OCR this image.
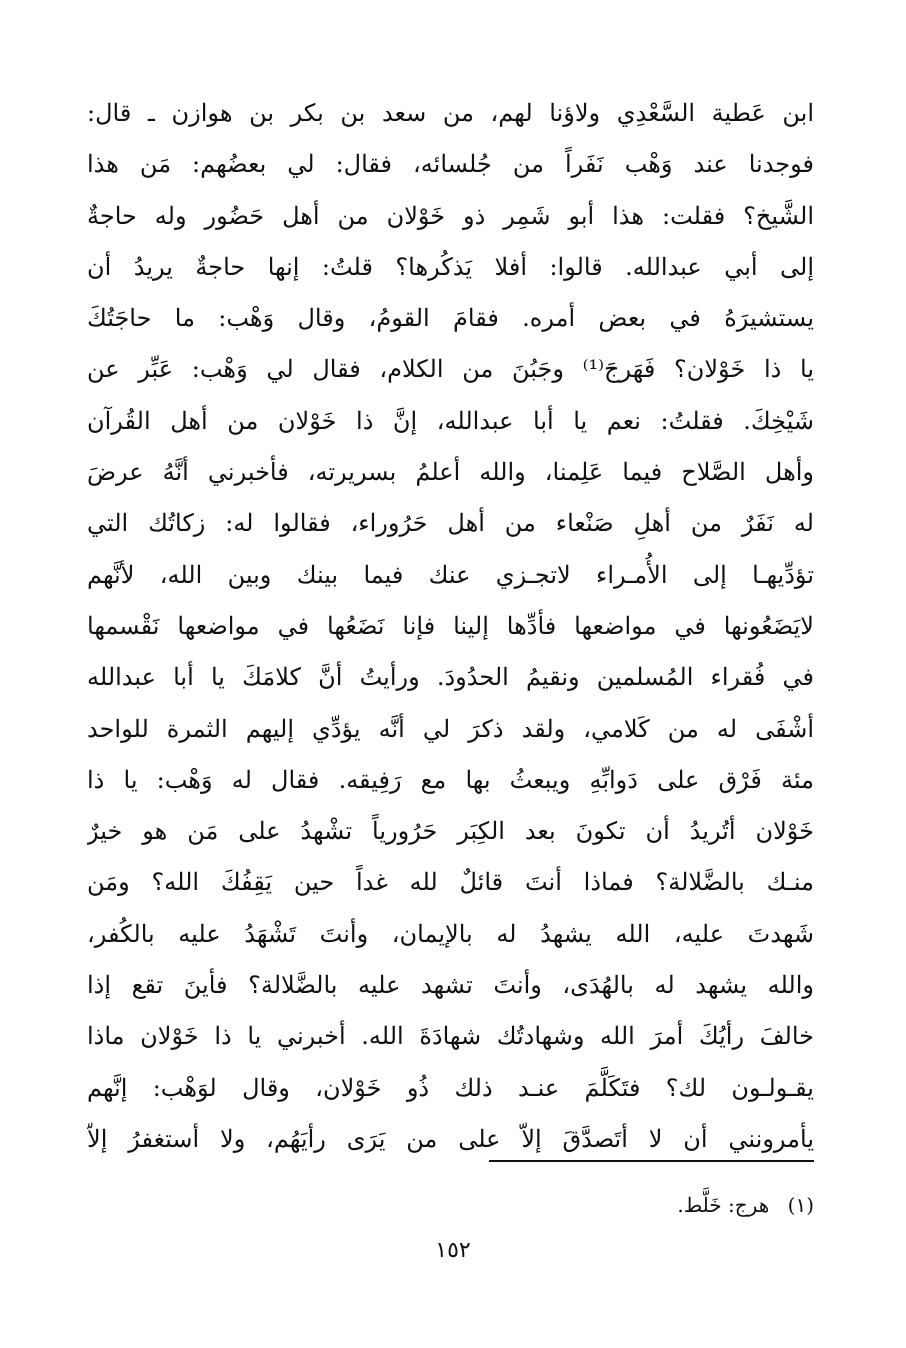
ابن عَطية السَّعْدِي ولاؤنا لهم، من سعد بن بكر بن هوازن ـ قال:
فوجدنا عند وَهْب نَفَراً من جُلسائه، فقال: لي بعضُهم: مَن هذا
الشَّيخ؟ فقلت: هذا أبو شَمِر ذو خَوْلان من أهل حَضُور وله حاجةٌ
إلى أبي عبدالله. قالوا: أفلا يَذكُرها؟ قلتُ: إنها حاجةٌ يريدُ أن
يستشيرَهُ في بعض أمره. فقامَ القومُ، وقال وَهْب: ما حاجَتُكَ
يا ذا خَوْلان؟ فَهَرجَ⁽¹⁾ وجَبُنَ من الكلام، فقال لي وَهْب: عَبِّر عن
شَيْخِكَ. فقلتُ: نعم يا أبا عبدالله، إنَّ ذا خَوْلان من أهل القُرآن
وأهل الصَّلاح فيما عَلِمنا، والله أعلمُ بسريرته، فأخبرني أنَّهُ عرضَ
له نَفَرٌ من أهلِ صَنْعاء من أهل حَرُوراء، فقالوا له: زكاتُك التي
تؤدِّيهـا إلى الأُمـراء لاتجـزي عنك فيما بينك وبين الله، لأنَّهم
لايَضَعُونها في مواضعها فأدِّها إلينا فإنا نَضَعُها في مواضعها نَقْسمها
في فُقراء المُسلمين ونقيمُ الحدُودَ. ورأيتُ أنَّ كلامَكَ يا أبا عبدالله
أشْفَى له من كَلامي، ولقد ذكرَ لي أنَّه يؤدِّي إليهم الثمرة للواحد
مئة فَرْق على دَوابِّهِ ويبعثُ بها مع رَفِيقه. فقال له وَهْب: يا ذا
خَوْلان أتُريدُ أن تكونَ بعد الكِبَر حَرُورياً تشْهدُ على مَن هو خيرٌ
منـك بالضَّلالة؟ فماذا أنتَ قائلٌ لله غداً حين يَقِفُكَ الله؟ ومَن
شَهدتَ عليه، الله يشهدُ له بالإيمان، وأنتَ تَشْهَدُ عليه بالكُفر،
والله يشهد له بالهُدَى، وأنتَ تشهد عليه بالضَّلالة؟ فأينَ تقع إذا
خالفَ رأيُكَ أمرَ الله وشهادتُك شهادَةَ الله. أخبرني يا ذا خَوْلان ماذا
يقـولـون لك؟ فتَكَلَّمَ عنـد ذلك ذُو خَوْلان، وقال لوَهْب: إنَّهم
يأمرونني أن لا أتَصدَّقَ إلاّ على من يَرَى رأيَهُم، ولا أستغفرُ إلاّ
(١) هرج: خَلَّط.
١٥٢
